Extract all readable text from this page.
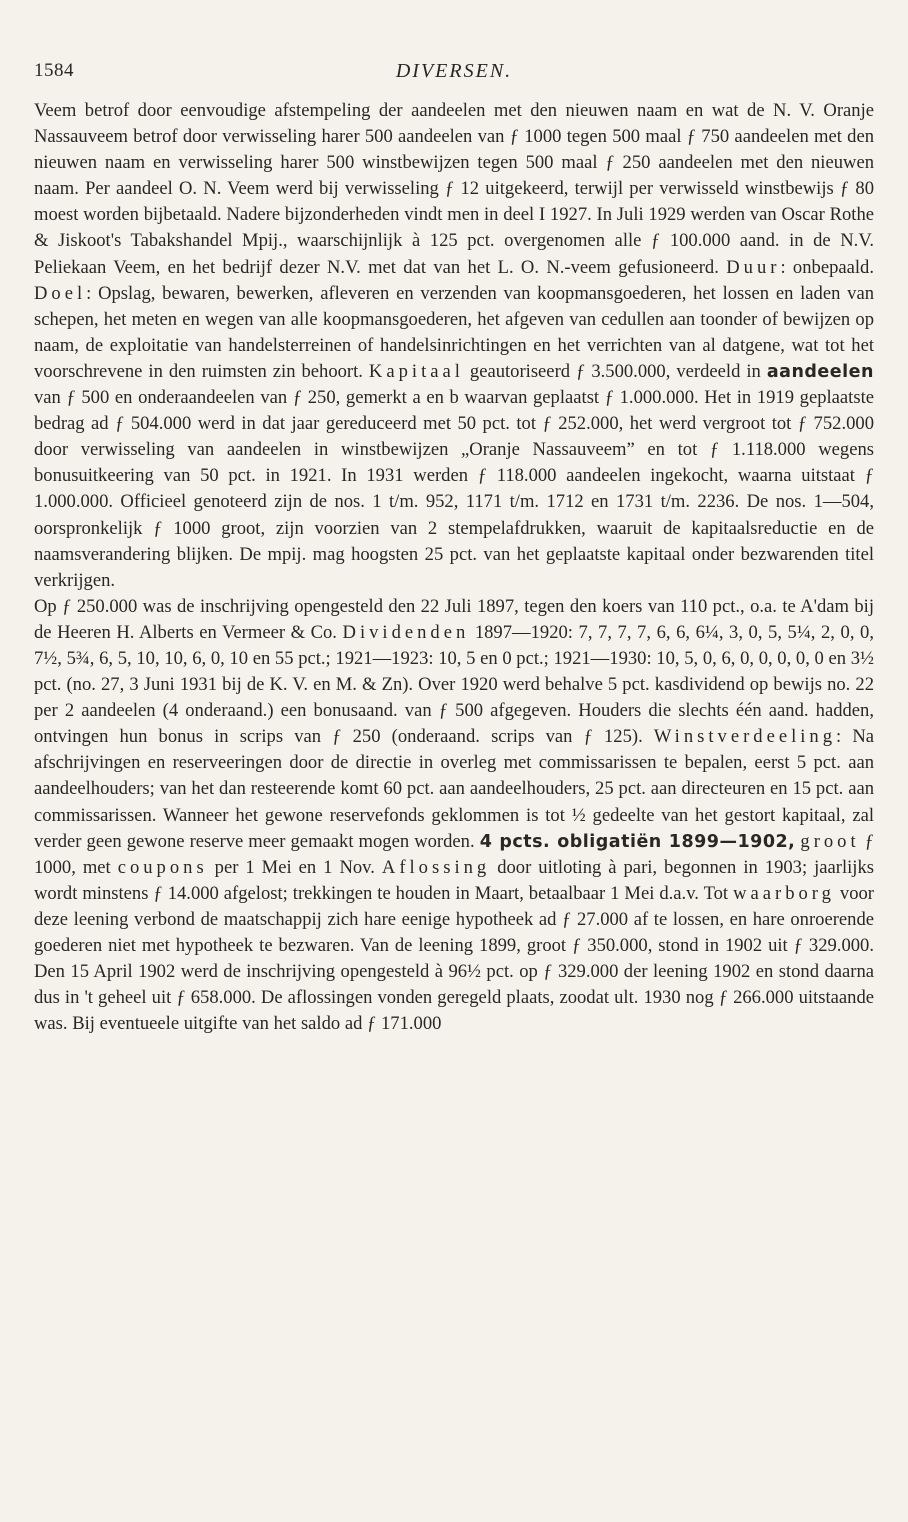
1584	DIVERSEN.

Veem betrof door eenvoudige afstempeling der aandeelen met den nieuwen naam en wat de N. V. Oranje Nassauveem betrof door verwisseling harer 500 aandeelen van ƒ 1000 tegen 500 maal ƒ 750 aandeelen met den nieuwen naam en verwisseling harer 500 winstbewijzen tegen 500 maal ƒ 250 aandeelen met den nieuwen naam. Per aandeel O. N. Veem werd bij verwisseling ƒ 12 uitgekeerd, terwijl per verwisseld winstbewijs ƒ 80 moest worden bijbetaald. Nadere bijzonderheden vindt men in deel I 1927. In Juli 1929 werden van Oscar Rothe & Jiskoot's Tabakshandel Mpij., waarschijnlijk à 125 pct. overgenomen alle ƒ 100.000 aand. in de N.V. Peliekaan Veem, en het bedrijf dezer N.V. met dat van het L. O. N.-veem gefusioneerd. Duur: onbepaald. Doel: Opslag, bewaren, bewerken, afleveren en verzenden van koopmansgoederen, het lossen en laden van schepen, het meten en wegen van alle koopmansgoederen, het afgeven van cedullen aan toonder of bewijzen op naam, de exploitatie van handelsterreinen of handelsinrichtingen en het verrichten van al datgene, wat tot het voorschrevene in den ruimsten zin behoort. Kapitaal geautoriseerd ƒ 3.500.000, verdeeld in aandeelen van ƒ 500 en onderaandeelen van ƒ 250, gemerkt a en b waarvan geplaatst ƒ 1.000.000. Het in 1919 geplaatste bedrag ad ƒ 504.000 werd in dat jaar gereduceerd met 50 pct. tot ƒ 252.000, het werd vergroot tot ƒ 752.000 door verwisseling van aandeelen in winstbewijzen „Oranje Nassauveem” en tot ƒ 1.118.000 wegens bonusuitkeering van 50 pct. in 1921. In 1931 werden ƒ 118.000 aandeelen ingekocht, waarna uitstaat ƒ 1.000.000. Officieel genoteerd zijn de nos. 1 t/m. 952, 1171 t/m. 1712 en 1731 t/m. 2236. De nos. 1—504, oorspronkelijk ƒ 1000 groot, zijn voorzien van 2 stempelafdrukken, waaruit de kapitaalsreductie en de naamsverandering blijken. De mpij. mag hoogsten 25 pct. van het geplaatste kapitaal onder bezwarenden titel verkrijgen.

Op ƒ 250.000 was de inschrijving opengesteld den 22 Juli 1897, tegen den koers van 110 pct., o.a. te A'dam bij de Heeren H. Alberts en Vermeer & Co. Dividenden 1897—1920: 7, 7, 7, 7, 6, 6, 6¼, 3, 0, 5, 5¼, 2, 0, 0, 7½, 5¾, 6, 5, 10, 10, 6, 0, 10 en 55 pct.; 1921—1923: 10, 5 en 0 pct.; 1921—1930: 10, 5, 0, 6, 0, 0, 0, 0, 0 en 3½ pct. (no. 27, 3 Juni 1931 bij de K. V. en M. & Zn). Over 1920 werd behalve 5 pct. kasdividend op bewijs no. 22 per 2 aandeelen (4 onderaand.) een bonusaand. van ƒ 500 afgegeven. Houders die slechts één aand. hadden, ontvingen hun bonus in scrips van ƒ 250 (onderaand. scrips van ƒ 125). Winstverdeeling: Na afschrijvingen en reserveeringen door de directie in overleg met commissarissen te bepalen, eerst 5 pct. aan aandeelhouders; van het dan resteerende komt 60 pct. aan aandeelhouders, 25 pct. aan directeuren en 15 pct. aan commissarissen. Wanneer het gewone reservefonds geklommen is tot ½ gedeelte van het gestort kapitaal, zal verder geen gewone reserve meer gemaakt mogen worden. 4 pcts. obligatiën 1899—1902, groot ƒ 1000, met coupons per 1 Mei en 1 Nov. Aflossing door uitloting à pari, begonnen in 1903; jaarlijks wordt minstens ƒ 14.000 afgelost; trekkingen te houden in Maart, betaalbaar 1 Mei d.a.v. Tot waarborg voor deze leening verbond de maatschappij zich hare eenige hypotheek ad ƒ 27.000 af te lossen, en hare onroerende goederen niet met hypotheek te bezwaren. Van de leening 1899, groot ƒ 350.000, stond in 1902 uit ƒ 329.000. Den 15 April 1902 werd de inschrijving opengesteld à 96½ pct. op ƒ 329.000 der leening 1902 en stond daarna dus in 't geheel uit ƒ 658.000. De aflossingen vonden geregeld plaats, zoodat ult. 1930 nog ƒ 266.000 uitstaande was. Bij eventueele uitgifte van het saldo ad ƒ 171.000
